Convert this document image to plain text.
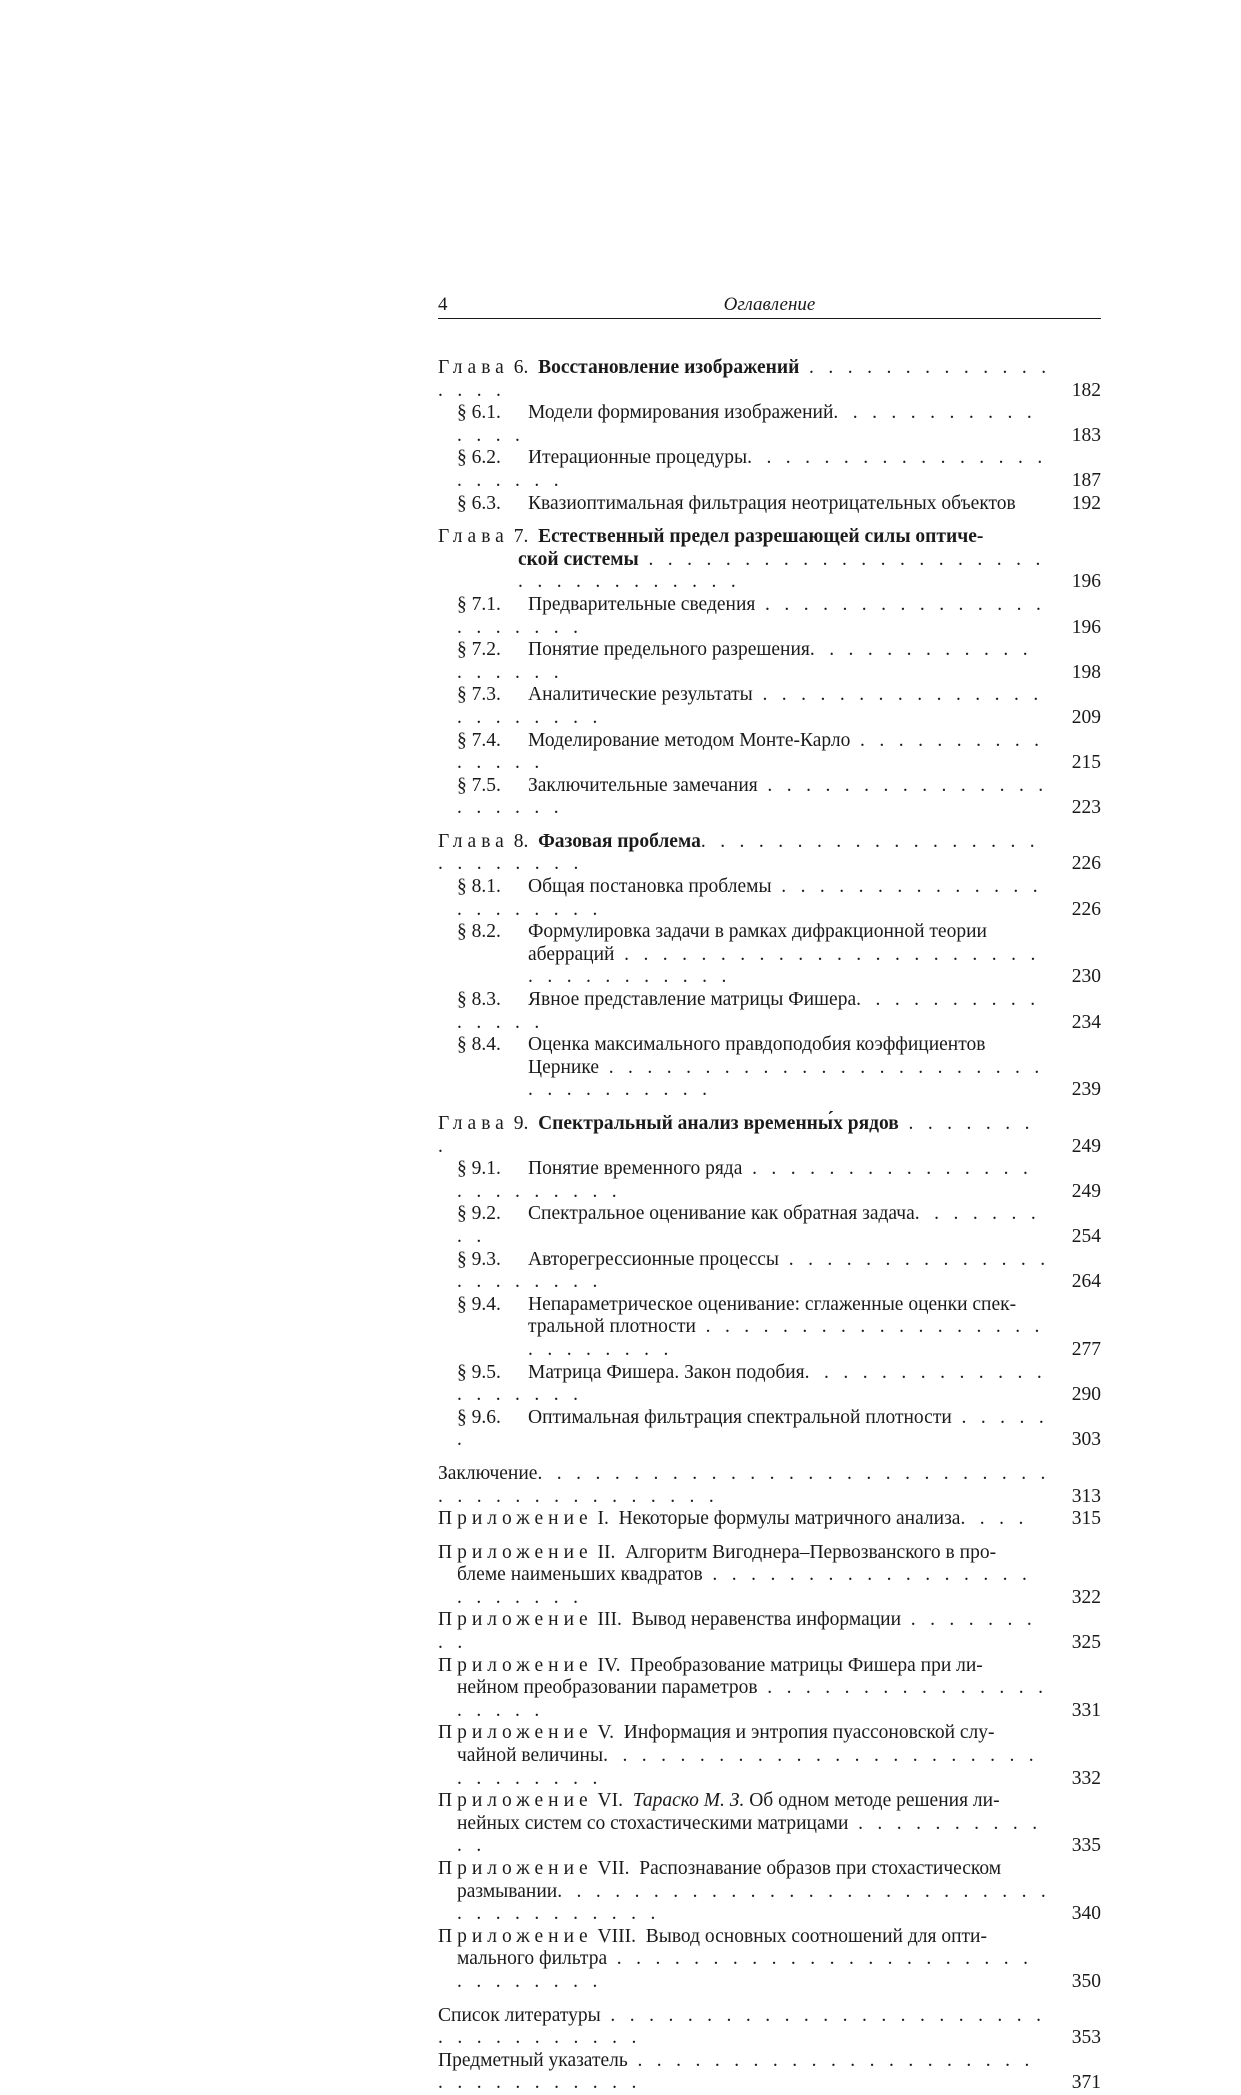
4	Оглавление
Глава 6. Восстановление изображений . . . . . . . . . . . . . . . . .	182
§ 6.1. Модели формирования изображений. . . . . . . . . . . . . . .	183
§ 6.2. Итерационные процедуры. . . . . . . . . . . . . . . . . . . . . .	187
§ 6.3. Квазиоптимальная фильтрация неотрицательных объектов	192
Глава 7. Естественный предел разрешающей силы оптиче-
ской системы . . . . . . . . . . . . . . . . . . . . . . . . . . . . . . . . .	196
§ 7.1. Предварительные сведения . . . . . . . . . . . . . . . . . . . . . .	196
§ 7.2. Понятие предельного разрешения. . . . . . . . . . . . . . . . . .	198
§ 7.3. Аналитические результаты . . . . . . . . . . . . . . . . . . . . . . .	209
§ 7.4. Моделирование методом Монте-Карло . . . . . . . . . . . . . . .	215
§ 7.5. Заключительные замечания . . . . . . . . . . . . . . . . . . . . .	223
Глава 8. Фазовая проблема. . . . . . . . . . . . . . . . . . . . . . . . . .	226
§ 8.1. Общая постановка проблемы . . . . . . . . . . . . . . . . . . . . . .	226
§ 8.2. Формулировка задачи в рамках дифракционной теории
аберраций . . . . . . . . . . . . . . . . . . . . . . . . . . . . . . . . .	230
§ 8.3. Явное представление матрицы Фишера. . . . . . . . . . . . . . .	234
§ 8.4. Оценка максимального правдоподобия коэффициентов
Цернике . . . . . . . . . . . . . . . . . . . . . . . . . . . . . . . . .	239
Глава 9. Спектральный анализ временны́х рядов . . . . . . . .	249
§ 9.1. Понятие временного ряда . . . . . . . . . . . . . . . . . . . . . . . .	249
§ 9.2. Спектральное оценивание как обратная задача. . . . . . . . .	254
§ 9.3. Авторегрессионные процессы . . . . . . . . . . . . . . . . . . . . . .	264
§ 9.4. Непараметрическое оценивание: сглаженные оценки спек-
тральной плотности . . . . . . . . . . . . . . . . . . . . . . . . . .	277
§ 9.5. Матрица Фишера. Закон подобия. . . . . . . . . . . . . . . . . . . .	290
§ 9.6. Оптимальная фильтрация спектральной плотности . . . . . .	303
Заключение. . . . . . . . . . . . . . . . . . . . . . . . . . . . . . . . . . . . . . . . . .	313
Приложение I. Некоторые формулы матричного анализа. . . .	315
Приложение II. Алгоритм Вигоднера–Первозванского в про-
блеме наименьших квадратов . . . . . . . . . . . . . . . . . . . . . . . .	322
Приложение III. Вывод неравенства информации . . . . . . . . .	325
Приложение IV. Преобразование матрицы Фишера при ли-
нейном преобразовании параметров . . . . . . . . . . . . . . . . . . . .	331
Приложение V. Информация и энтропия пуассоновской слу-
чайной величины. . . . . . . . . . . . . . . . . . . . . . . . . . . . . . .	332
Приложение VI. Тараско М. З. Об одном методе решения ли-
нейных систем со стохастическими матрицами . . . . . . . . . . . .	335
Приложение VII. Распознавание образов при стохастическом
размывании. . . . . . . . . . . . . . . . . . . . . . . . . . . . . . . . . . . . .	340
Приложение VIII. Вывод основных соотношений для опти-
мального фильтра . . . . . . . . . . . . . . . . . . . . . . . . . . . . . .	350
Список литературы . . . . . . . . . . . . . . . . . . . . . . . . . . . . . . . . . .	353
Предметный указатель . . . . . . . . . . . . . . . . . . . . . . . . . . . . . . . .	371
